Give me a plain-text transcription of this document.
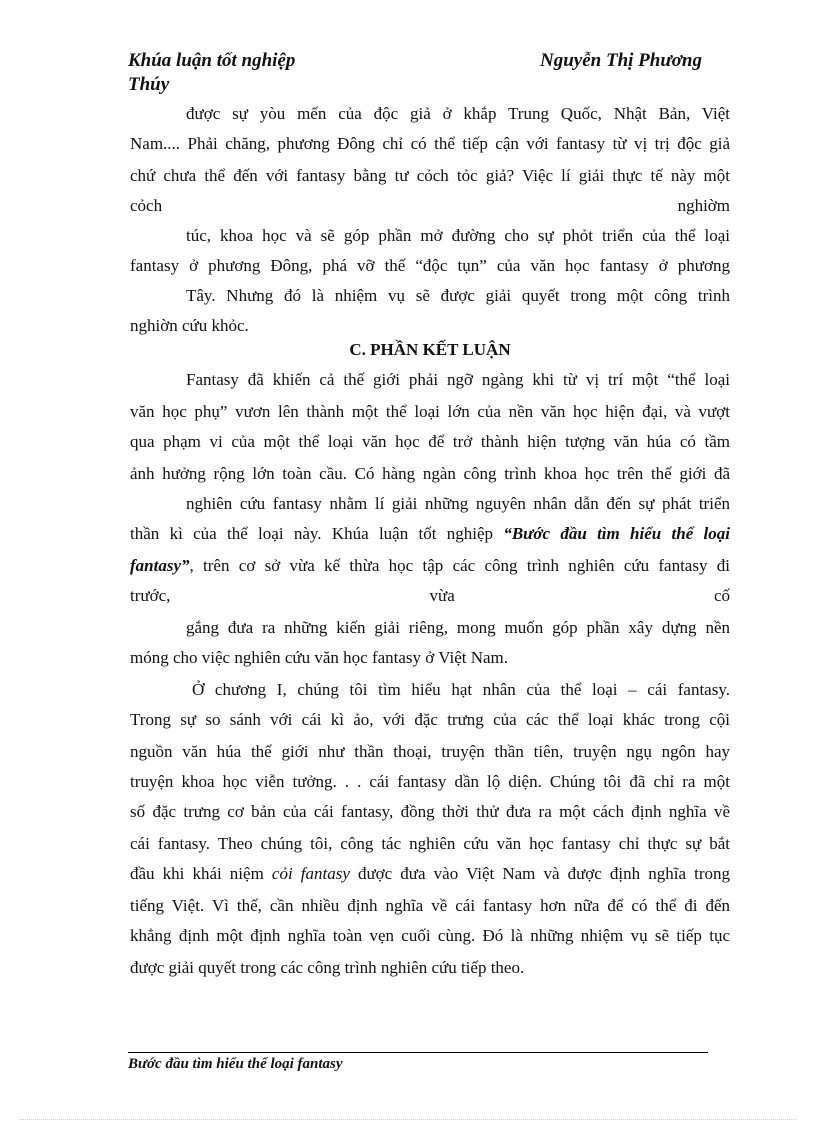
Khúa luận tốt nghiệp
Thúy
Nguyễn Thị Phương
được sự yòu mến của độc giả ở khắp Trung Quốc, Nhật Bản, Việt
Nam.... Phải chăng, phương Đông chỉ có thể tiếp cận với fantasy từ vị trị độc giả
chứ chưa thể đến với fantasy bằng tư cỏch tỏc giả? Việc lí giải thực tế này một
cỏch	nghiờm
túc, khoa học và sẽ góp phần mở đường cho sự phỏt triển của thể loại
fantasy ở phương Đông, phá vỡ thế “độc tụn” của văn học fantasy ở phương
Tây. Nhưng đó là nhiệm vụ sẽ được giải quyết trong một công trình
nghiờn cứu khỏc.
C. PHẦN KẾT LUẬN
Fantasy đã khiến cả thế giới phải ngỡ ngàng khi từ vị trí một “thể loại
văn học phụ” vươn lên thành một thể loại lớn của nền văn học hiện đại, và vượt
qua phạm vi của một thể loại văn học để trở thành hiện tượng văn húa có tầm
ảnh hưởng rộng lớn toàn cầu. Có hàng ngàn công trình khoa học trên thế giới đã
nghiên cứu fantasy nhằm lí giải những nguyên nhân dẫn đến sự phát triển
thần kì của thể loại này. Khúa luận tốt nghiệp “Bước đầu tìm hiểu thể loại
fantasy”, trên cơ sở vừa kế thừa học tập các công trình nghiên cứu fantasy đi
trước,	vừa	cố
gắng đưa ra những kiến giải riêng, mong muốn góp phần xây dựng nền
móng cho việc nghiên cứu văn học fantasy ở Việt Nam.
Ở chương I, chúng tôi tìm hiểu hạt nhân của thể loại – cái fantasy.
Trong sự so sánh với cái kì ảo, với đặc trưng của các thể loại khác trong cội
nguồn văn húa thế giới như thần thoại, truyện thần tiên, truyện ngụ ngôn hay
truyện khoa học viễn tưởng. . . cái fantasy dần lộ diện. Chúng tôi đã chỉ ra một
số đặc trưng cơ bản của cái fantasy, đồng thời thử đưa ra một cách định nghĩa về
cái fantasy. Theo chúng tôi, công tác nghiên cứu văn học fantasy chỉ thực sự bắt
đầu khi khái niệm cỏi fantasy được đưa vào Việt Nam và được định nghĩa trong
tiếng Việt. Vì thế, cần nhiều định nghĩa về cái fantasy hơn nữa để có thể đi đến
khẳng định một định nghĩa toàn vẹn cuối cùng. Đó là những nhiệm vụ sẽ tiếp tục
được giải quyết trong các công trình nghiên cứu tiếp theo.
Bước đầu tìm hiểu thể loại fantasy
